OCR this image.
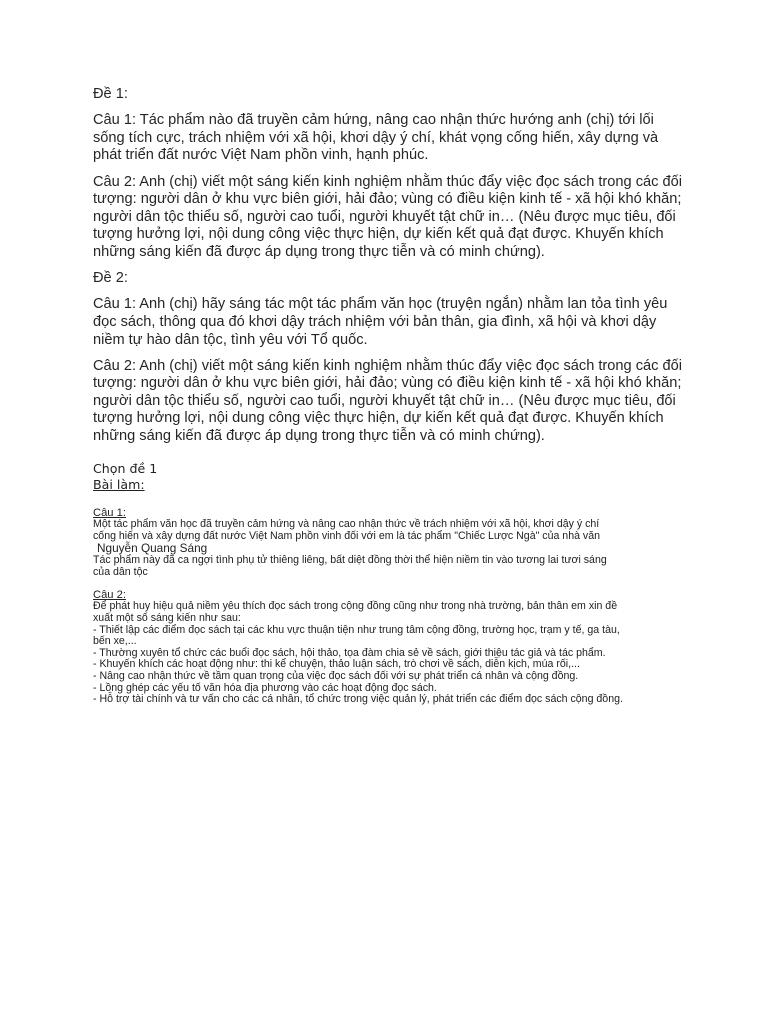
Đề 1:

Câu 1: Tác phẩm nào đã truyền cảm hứng, nâng cao nhận thức hướng anh (chị) tới lối sống tích cực, trách nhiệm với xã hội, khơi dậy ý chí, khát vọng cống hiến, xây dựng và phát triển đất nước Việt Nam phồn vinh, hạnh phúc.

Câu 2: Anh (chị) viết một sáng kiến kinh nghiệm nhằm thúc đẩy việc đọc sách trong các đối tượng: người dân ở khu vực biên giới, hải đảo; vùng có điều kiện kinh tế - xã hội khó khăn; người dân tộc thiểu số, người cao tuổi, người khuyết tật chữ in… (Nêu được mục tiêu, đối tượng hưởng lợi, nội dung công việc thực hiện, dự kiến kết quả đạt được. Khuyến khích những sáng kiến đã được áp dụng trong thực tiễn và có minh chứng).

Đề 2:

Câu 1: Anh (chị) hãy sáng tác một tác phẩm văn học (truyện ngắn) nhằm lan tỏa tình yêu đọc sách, thông qua đó khơi dậy trách nhiệm với bản thân, gia đình, xã hội và khơi dậy niềm tự hào dân tộc, tình yêu với Tổ quốc.

Câu 2: Anh (chị) viết một sáng kiến kinh nghiệm nhằm thúc đẩy việc đọc sách trong các đối tượng: người dân ở khu vực biên giới, hải đảo; vùng có điều kiện kinh tế - xã hội khó khăn; người dân tộc thiểu số, người cao tuổi, người khuyết tật chữ in… (Nêu được mục tiêu, đối tượng hưởng lợi, nội dung công việc thực hiện, dự kiến kết quả đạt được. Khuyến khích những sáng kiến đã được áp dụng trong thực tiễn và có minh chứng).

Chọn đề 1

Bài làm:

Câu 1:

Một tác phẩm văn học đã truyền cảm hứng và nâng cao nhận thức về trách nhiệm với xã hội, khơi dậy ý chí

cống hiến và xây dựng đất nước Việt Nam phồn vinh đối với em là tác phẩm "Chiếc Lược Ngà" của nhà văn

Nguyễn Quang Sáng

Tác phẩm này đã ca ngợi tình phụ tử thiêng liêng, bất diệt đồng thời thể hiện niềm tin vào tương lai tươi sáng

của dân tộc

Câu 2:

Để phát huy hiệu quả niềm yêu thích đọc sách trong cộng đồng cũng như trong nhà trường, bản thân em xin đề

xuất một số sáng kiến như sau:

- Thiết lập các điểm đọc sách tại các khu vực thuận tiện như trung tâm cộng đồng, trường học, trạm y tế, ga tàu,

bến xe,...

- Thường xuyên tổ chức các buổi đọc sách, hội thảo, tọa đàm chia sẻ về sách, giới thiệu tác giả và tác phẩm.

- Khuyến khích các hoạt động như: thi kể chuyện, thảo luận sách, trò chơi về sách, diễn kịch, múa rối,...

- Nâng cao nhận thức về tầm quan trọng của việc đọc sách đối với sự phát triển cá nhân và cộng đồng.

- Lồng ghép các yếu tố văn hóa địa phương vào các hoạt động đọc sách.

- Hỗ trợ tài chính và tư vấn cho các cá nhân, tổ chức trong việc quản lý, phát triển các điểm đọc sách cộng đồng.
